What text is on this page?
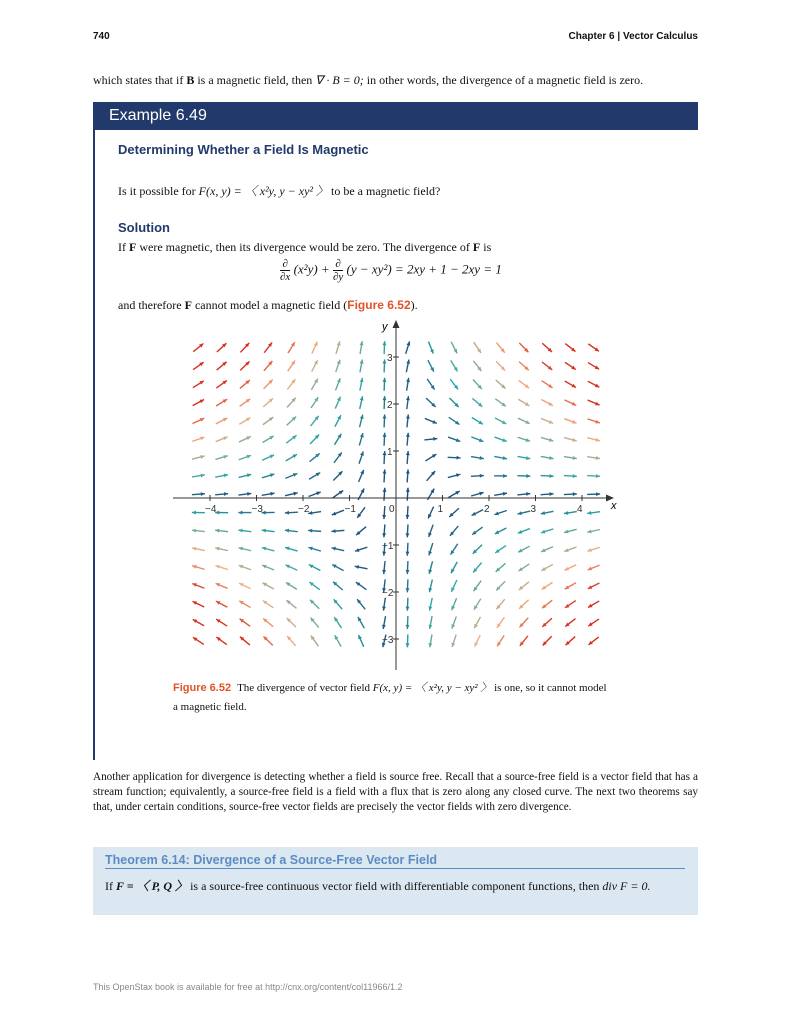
740	Chapter 6 | Vector Calculus
which states that if B is a magnetic field, then ∇ · B = 0; in other words, the divergence of a magnetic field is zero.
Example 6.49
Determining Whether a Field Is Magnetic
Is it possible for F(x, y) = 〈 x²y, y − xy² 〉 to be a magnetic field?
Solution
If F were magnetic, then its divergence would be zero. The divergence of F is
$\frac{\partial}{\partial x} (x^2y) + \frac{\partial}{\partial y} (y - xy^2) = 2xy + 1 - 2xy = 1$
and therefore F cannot model a magnetic field (Figure 6.52).
−4	−3	−2	−1	0	1	2	3	4
3
2
1
−1
−2
−3
x
y
Figure 6.52 The divergence of vector field F(x, y) = 〈 x²y, y − xy² 〉 is one, so it cannot model a magnetic field.
Another application for divergence is detecting whether a field is source free. Recall that a source-free field is a vector field that has a stream function; equivalently, a source-free field is a field with a flux that is zero along any closed curve. The next two theorems say that, under certain conditions, source-free vector fields are precisely the vector fields with zero divergence.
Theorem 6.14: Divergence of a Source-Free Vector Field
If F = 〈 P, Q 〉 is a source-free continuous vector field with differentiable component functions, then div F = 0.
This OpenStax book is available for free at http://cnx.org/content/col11966/1.2
